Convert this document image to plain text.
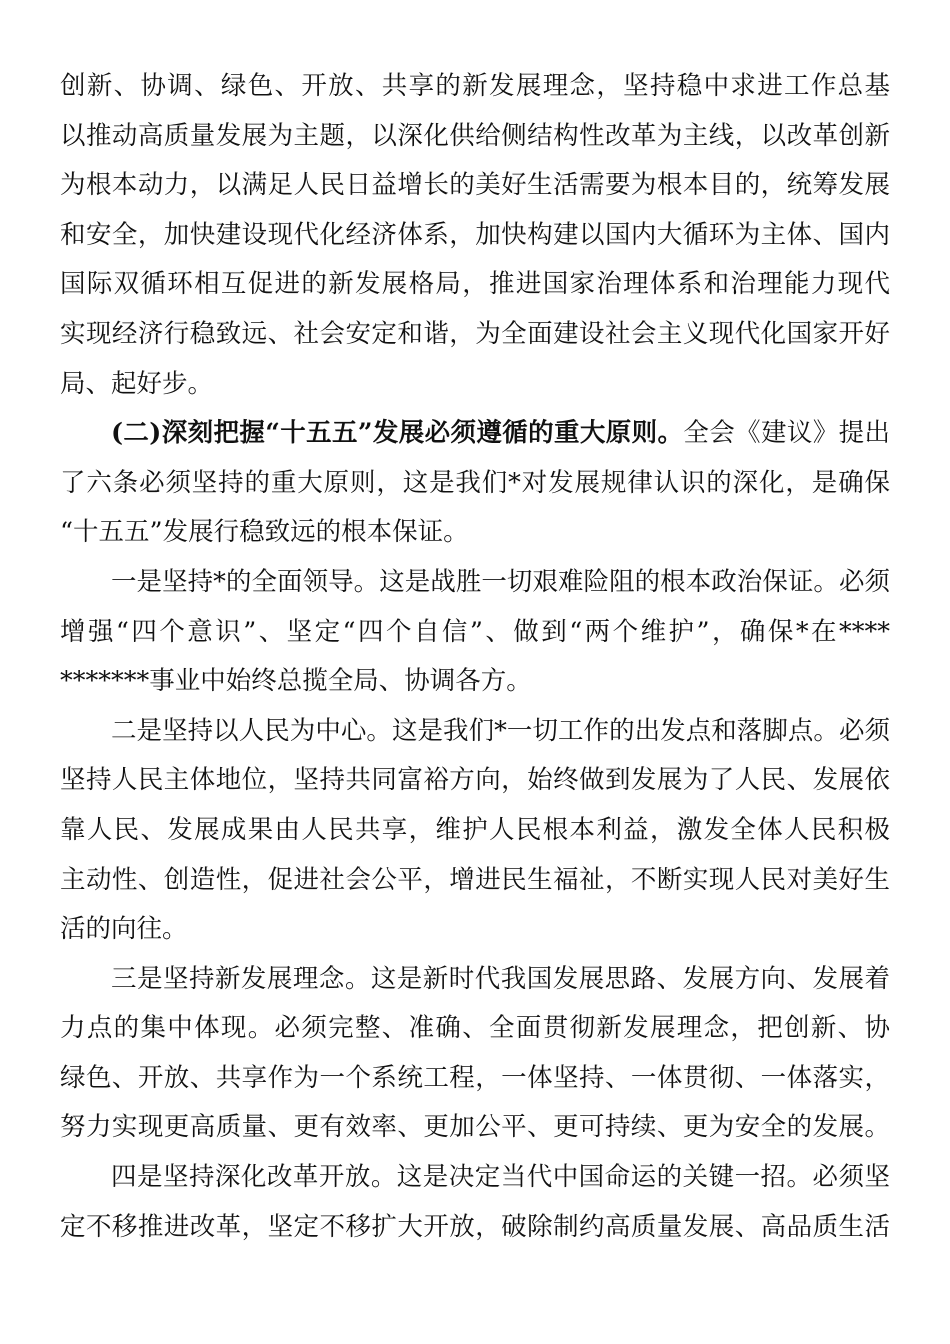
创新、协调、绿色、开放、共享的新发展理念，坚持稳中求进工作总基
以推动高质量发展为主题，以深化供给侧结构性改革为主线，以改革创新
为根本动力，以满足人民日益增长的美好生活需要为根本目的，统筹发展
和安全，加快建设现代化经济体系，加快构建以国内大循环为主体、国内
国际双循环相互促进的新发展格局，推进国家治理体系和治理能力现代
实现经济行稳致远、社会安定和谐，为全面建设社会主义现代化国家开好
局、起好步。
(二)深刻把握“十五五”发展必须遵循的重大原则。全会《建议》提出
了六条必须坚持的重大原则，这是我们*对发展规律认识的深化，是确保
“十五五”发展行稳致远的根本保证。
一是坚持*的全面领导。这是战胜一切艰难险阻的根本政治保证。必须
增强“四个意识”、坚定“四个自信”、做到“两个维护”，确保*在****
*******事业中始终总揽全局、协调各方。
二是坚持以人民为中心。这是我们*一切工作的出发点和落脚点。必须
坚持人民主体地位，坚持共同富裕方向，始终做到发展为了人民、发展依
靠人民、发展成果由人民共享，维护人民根本利益，激发全体人民积极
主动性、创造性，促进社会公平，增进民生福祉，不断实现人民对美好生
活的向往。
三是坚持新发展理念。这是新时代我国发展思路、发展方向、发展着
力点的集中体现。必须完整、准确、全面贯彻新发展理念，把创新、协
绿色、开放、共享作为一个系统工程，一体坚持、一体贯彻、一体落实，
努力实现更高质量、更有效率、更加公平、更可持续、更为安全的发展。
四是坚持深化改革开放。这是决定当代中国命运的关键一招。必须坚
定不移推进改革，坚定不移扩大开放，破除制约高质量发展、高品质生活
